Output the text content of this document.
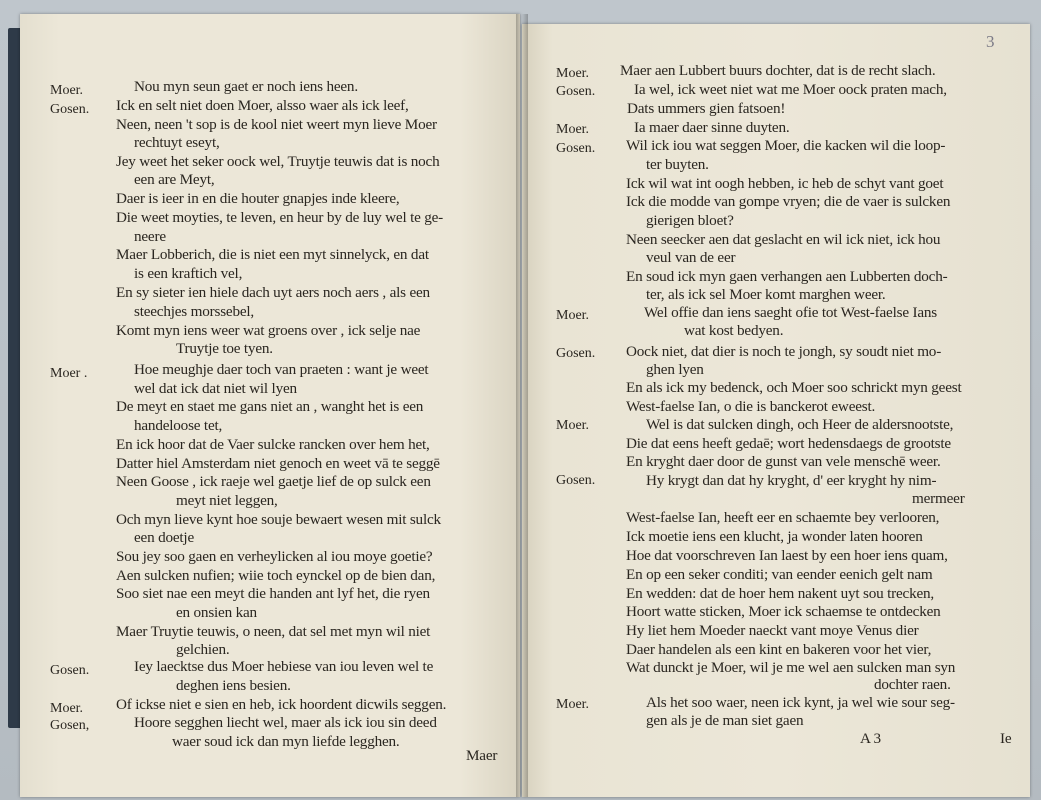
Moer.
Gosen.
Moer .
Gosen.
Moer.
Gosen,
Nou myn seun gaet er noch iens heen.
Ick en selt niet doen Moer, alsso waer als ick leef,
Neen, neen 't sop is de kool niet weert myn lieve Moer
rechtuyt eseyt,
Jey weet het seker oock wel, Truytje teuwis dat is noch
een are Meyt,
Daer is ieer in en die houter gnapjes inde kleere,
Die weet moyties, te leven, en heur by de luy wel te ge-
neere
Maer Lobberich, die is niet een myt sinnelyck, en dat
is een kraftich vel,
En sy sieter ien hiele dach uyt aers noch aers , als een
steechjes morssebel,
Komt myn iens weer wat groens over , ick selje nae
Truytje toe tyen.
Hoe meughje daer toch van praeten : want je weet
wel dat ick dat niet wil lyen
De meyt en staet me gans niet an , wanght het is een
handeloose tet,
En ick hoor dat de Vaer sulcke rancken over hem het,
Datter hiel Amsterdam niet genoch en weet vā te seggē
Neen Goose , ick raeje wel gaetje lief de op sulck een
meyt niet leggen,
Och myn lieve kynt hoe souje bewaert wesen mit sulck
een doetje
Sou jey soo gaen en verheylicken al iou moye goetie?
Aen sulcken nufien; wiie toch eynckel op de bien dan,
Soo siet nae een meyt die handen ant lyf het, die ryen
en onsien kan
Maer Truytie teuwis, o neen, dat sel met myn wil niet
gelchien.
Iey laecktse dus Moer hebiese van iou leven wel te
deghen iens besien.
Of ickse niet e sien en heb, ick hoordent dicwils seggen.
Hoore segghen liecht wel, maer als ick iou sin deed
waer soud ick dan myn liefde legghen.
Maer
3
Moer.
Gosen.
Moer.
Gosen.
Moer.
Gosen.
Moer.
Gosen.
Moer.
Maer aen Lubbert buurs dochter, dat is de recht slach.
Ia wel, ick weet niet wat me Moer oock praten mach,
Dats ummers gien fatsoen!
Ia maer daer sinne duyten.
Wil ick iou wat seggen Moer, die kacken wil die loop-
ter buyten.
Ick wil wat int oogh hebben, ic heb de schyt vant goet
Ick die modde van gompe vryen; die de vaer is sulcken
gierigen bloet?
Neen seecker aen dat geslacht en wil ick niet, ick hou
veul van de eer
En soud ick myn gaen verhangen aen Lubberten doch-
ter, als ick sel Moer komt marghen weer.
Wel offie dan iens saeght ofie tot West-faelse Ians
wat kost bedyen.
Oock niet, dat dier is noch te jongh, sy soudt niet mo-
ghen lyen
En als ick my bedenck, och Moer soo schrickt myn geest
West-faelse Ian, o die is banckerot eweest.
Wel is dat sulcken dingh, och Heer de aldersnootste,
Die dat eens heeft gedaē; wort hedensdaegs de grootste
En kryght daer door de gunst van vele menschē weer.
Hy krygt dan dat hy kryght, d' eer kryght hy nim-
mermeer
West-faelse Ian, heeft eer en schaemte bey verlooren,
Ick moetie iens een klucht, ja wonder laten hooren
Hoe dat voorschreven Ian laest by een hoer iens quam,
En op een seker conditi; van eender eenich gelt nam
En wedden: dat de hoer hem nakent uyt sou trecken,
Hoort watte sticken, Moer ick schaemse te ontdecken
Hy liet hem Moeder naeckt vant moye Venus dier
Daer handelen als een kint en bakeren voor het vier,
Wat dunckt je Moer, wil je me wel aen sulcken man syn
dochter raen.
Als het soo waer, neen ick kynt, ja wel wie sour seg-
gen als je de man siet gaen
A 3	Ie
